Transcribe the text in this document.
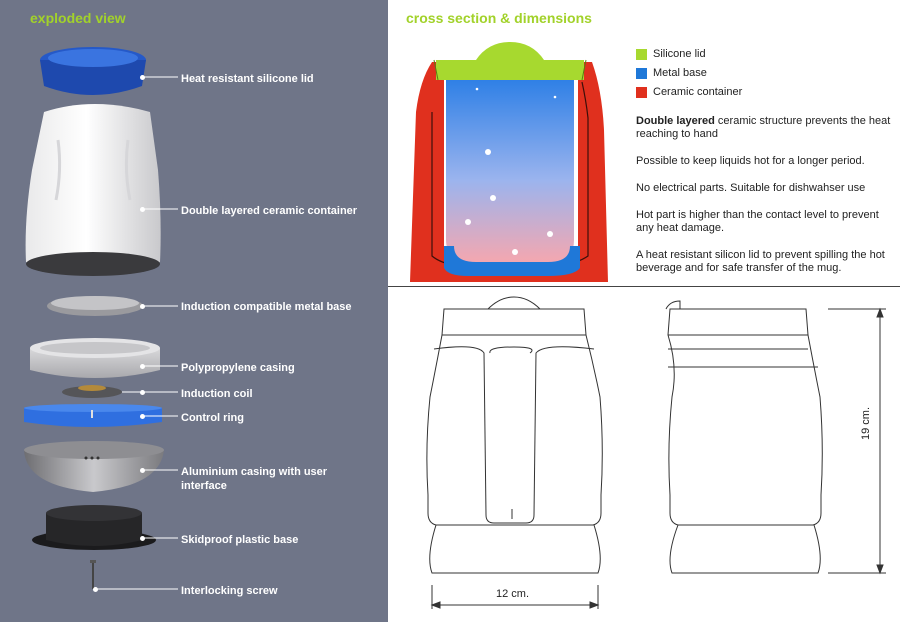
exploded view
Heat resistant silicone lid
Double layered ceramic container
Induction compatible metal base
Polypropylene casing
Induction coil
Control ring
Aluminium casing with user interface
Skidproof plastic base
Interlocking screw
cross section & dimensions
Silicone lid
Metal base
Ceramic container
Double layered ceramic structure prevents the heat reaching to hand
Possible to keep liquids hot for a longer period.
No electrical parts. Suitable for dishwahser use
Hot part is higher than the contact level to prevent any heat damage.
A heat resistant silicon lid to prevent spilling the hot beverage and for safe transfer of the mug.
12 cm.
19 cm.
